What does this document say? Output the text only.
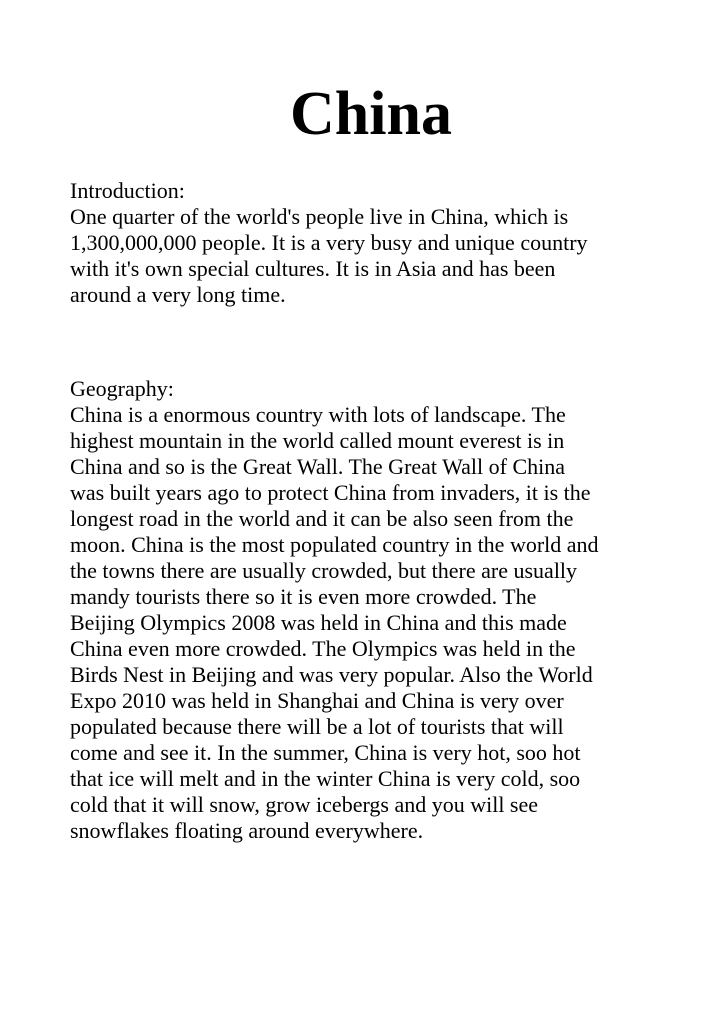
China

Introduction:

One quarter of the world's people live in China, which is
1,300,000,000 people. It is a very busy and unique country
with it's own special cultures. It is in Asia and has been
around a very long time.

Geography:

China is a enormous country with lots of landscape. The
highest mountain in the world called mount everest is in
China and so is the Great Wall. The Great Wall of China
was built years ago to protect China from invaders, it is the
longest road in the world and it can be also seen from the
moon. China is the most populated country in the world and
the towns there are usually crowded, but there are usually
mandy tourists there so it is even more crowded. The
Beijing Olympics 2008 was held in China and this made
China even more crowded. The Olympics was held in the
Birds Nest in Beijing and was very popular. Also the World
Expo 2010 was held in Shanghai and China is very over
populated because there will be a lot of tourists that will
come and see it. In the summer, China is very hot, soo hot
that ice will melt and in the winter China is very cold, soo
cold that it will snow, grow icebergs and you will see
snowflakes floating around everywhere.
